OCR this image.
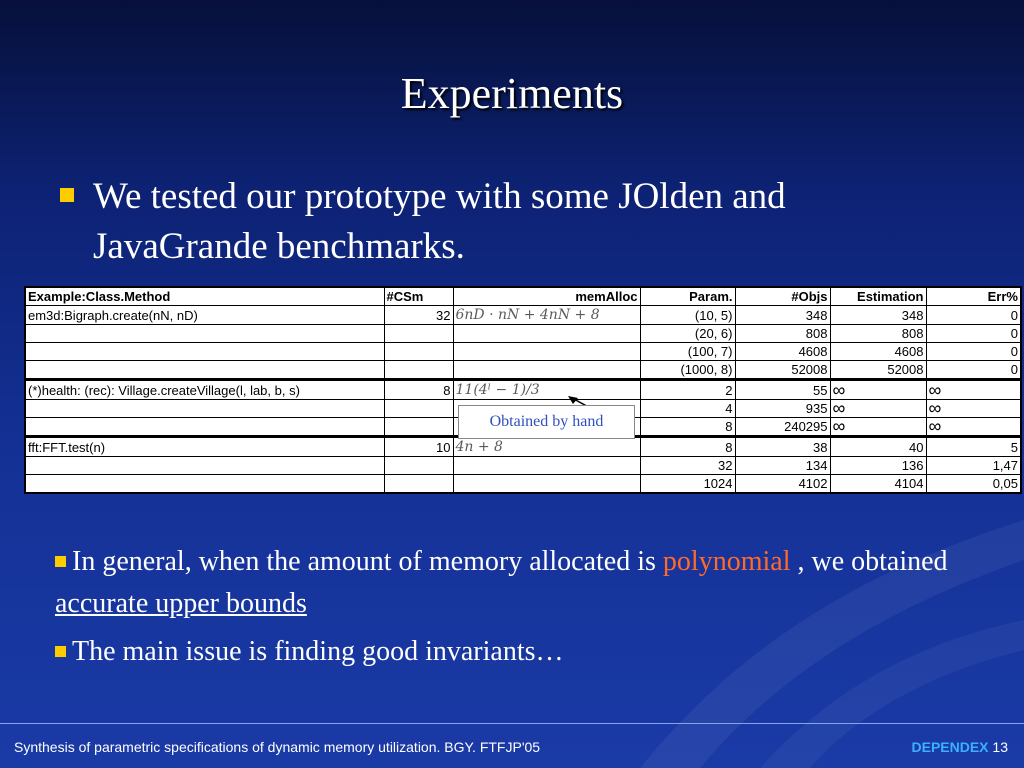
Experiments
We tested our prototype with some JOlden and JavaGrande benchmarks.
Example:Class.Method	#CSm	memAlloc	Param.	#Objs	Estimation	Err%
em3d:Bigraph.create(nN, nD)	32	6nD · nN + 4nN + 8	(10, 5)	348	348	0
			(20, 6)	808	808	0
			(100, 7)	4608	4608	0
			(1000, 8)	52008	52008	0
(*)health: (rec): Village.createVillage(l, lab, b, s)	8	11(4ˡ − 1)/3	2	55	∞	∞
			4	935	∞	∞
			8	240295	∞	∞
fft:FFT.test(n)	10	4n + 8	8	38	40	5
			32	134	136	1,47
			1024	4102	4104	0,05
Obtained by hand
In general, when the amount of memory allocated is polynomial , we obtained accurate upper bounds
The main issue is finding good invariants…
Synthesis of parametric specifications of dynamic memory utilization. BGY. FTFJP'05	DEPENDEX 13
